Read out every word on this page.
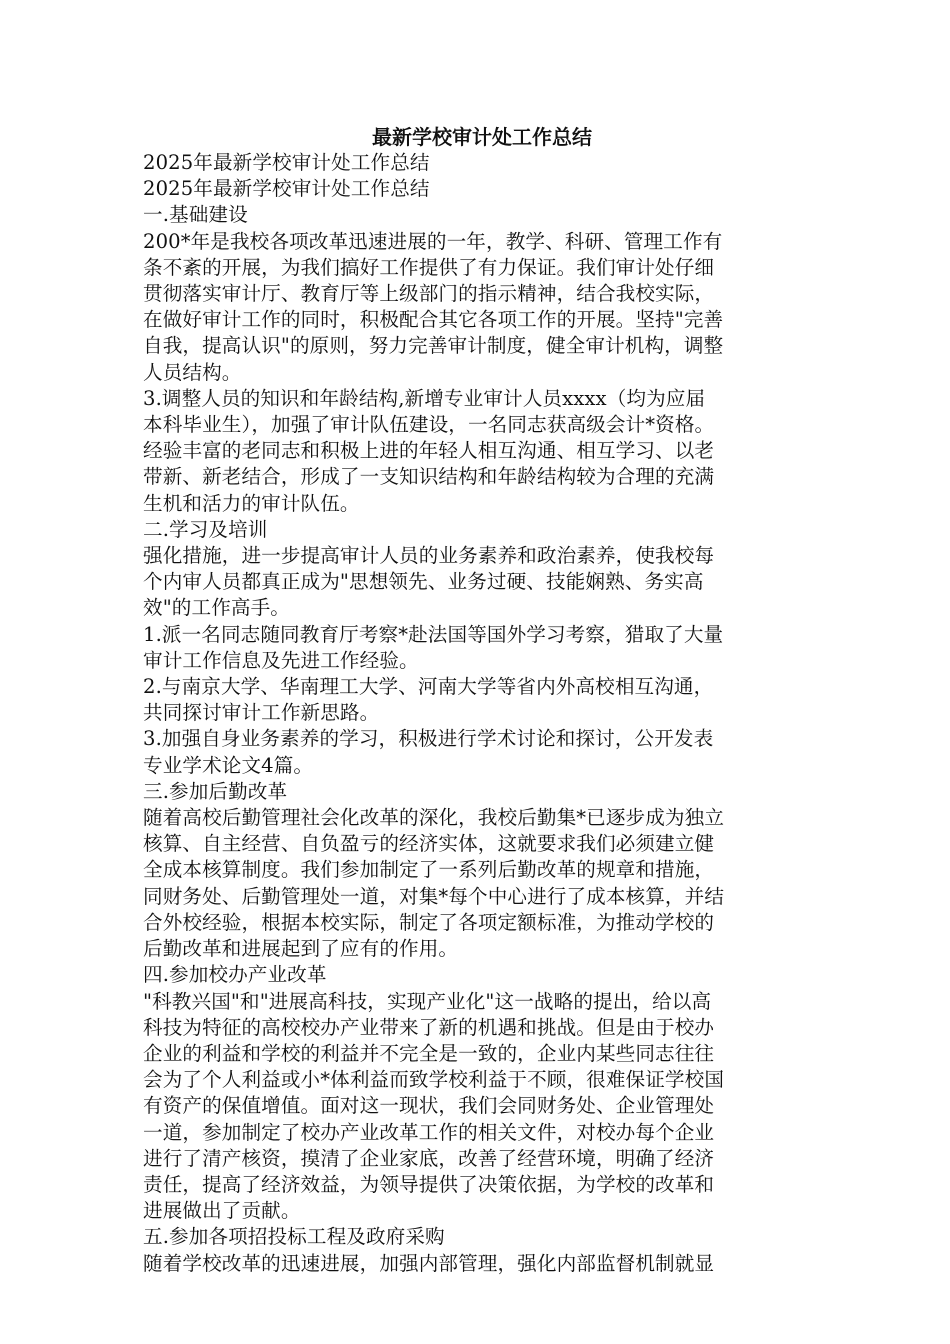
最新学校审计处工作总结

2025年最新学校审计处工作总结

2025年最新学校审计处工作总结

一.基础建设

200*年是我校各项改革迅速进展的一年，教学、科研、管理工作有

条不紊的开展，为我们搞好工作提供了有力保证。我们审计处仔细

贯彻落实审计厅、教育厅等上级部门的指示精神，结合我校实际，

在做好审计工作的同时，积极配合其它各项工作的开展。坚持"完善

自我，提高认识"的原则，努力完善审计制度，健全审计机构，调整

人员结构。

3.调整人员的知识和年龄结构,新增专业审计人员xxxx（均为应届

本科毕业生），加强了审计队伍建设，一名同志获高级会计*资格。

经验丰富的老同志和积极上进的年轻人相互沟通、相互学习、以老

带新、新老结合，形成了一支知识结构和年龄结构较为合理的充满

生机和活力的审计队伍。

二.学习及培训

强化措施，进一步提高审计人员的业务素养和政治素养，使我校每

个内审人员都真正成为"思想领先、业务过硬、技能娴熟、务实高

效"的工作高手。

1.派一名同志随同教育厅考察*赴法国等国外学习考察，猎取了大量

审计工作信息及先进工作经验。

2.与南京大学、华南理工大学、河南大学等省内外高校相互沟通，

共同探讨审计工作新思路。

3.加强自身业务素养的学习，积极进行学术讨论和探讨，公开发表

专业学术论文4篇。

三.参加后勤改革

随着高校后勤管理社会化改革的深化，我校后勤集*已逐步成为独立

核算、自主经营、自负盈亏的经济实体，这就要求我们必须建立健

全成本核算制度。我们参加制定了一系列后勤改革的规章和措施，

同财务处、后勤管理处一道，对集*每个中心进行了成本核算，并结

合外校经验，根据本校实际，制定了各项定额标准，为推动学校的

后勤改革和进展起到了应有的作用。

四.参加校办产业改革

"科教兴国"和"进展高科技，实现产业化"这一战略的提出，给以高

科技为特征的高校校办产业带来了新的机遇和挑战。但是由于校办

企业的利益和学校的利益并不完全是一致的，企业内某些同志往往

会为了个人利益或小*体利益而致学校利益于不顾，很难保证学校国

有资产的保值增值。面对这一现状，我们会同财务处、企业管理处

一道，参加制定了校办产业改革工作的相关文件，对校办每个企业

进行了清产核资，摸清了企业家底，改善了经营环境，明确了经济

责任，提高了经济效益，为领导提供了决策依据，为学校的改革和

进展做出了贡献。

五.参加各项招投标工程及政府采购

随着学校改革的迅速进展，加强内部管理，强化内部监督机制就显
